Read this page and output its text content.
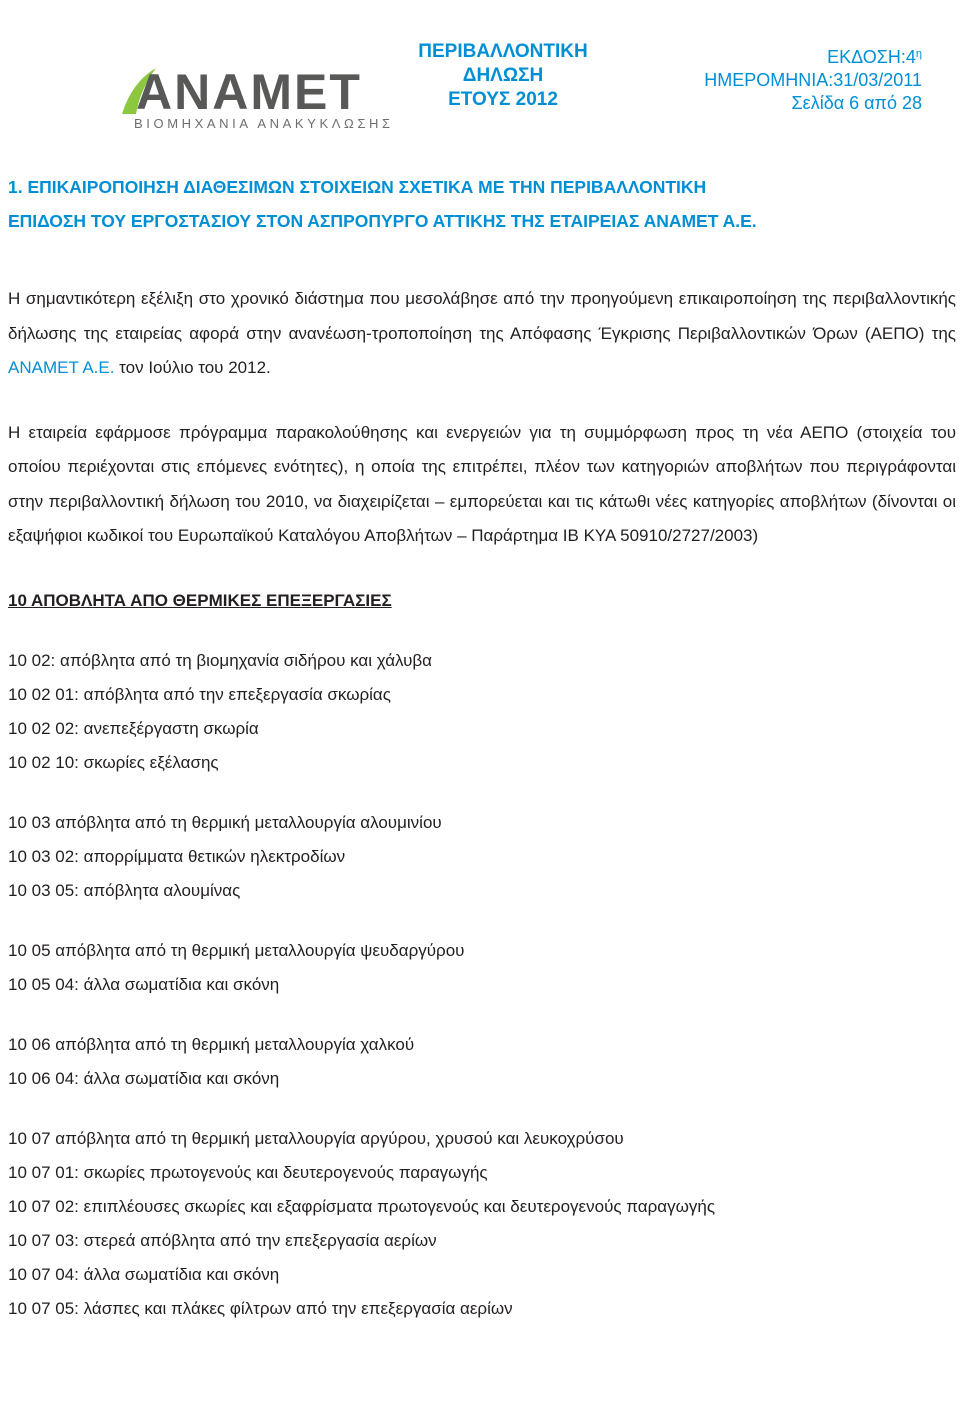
ΑΝΑΜΕΤ
ΒΙΟΜΗΧΑΝΙΑ ΑΝΑΚΥΚΛΩΣΗΣ
ΠΕΡΙΒΑΛΛΟΝΤΙΚΗ
ΔΗΛΩΣΗ
ΕΤΟΥΣ 2012
$EK\Delta O\Sigma H:4^\eta$
ΗΜΕΡΟΜΗΝΙΑ:31/03/2011
Σελίδα 6 από 28

1. ΕΠΙΚΑΙΡΟΠΟΙΗΣΗ ΔΙΑΘΕΣΙΜΩΝ ΣΤΟΙΧΕΙΩΝ ΣΧΕΤΙΚΑ ΜΕ ΤΗΝ ΠΕΡΙΒΑΛΛΟΝΤΙΚΗ
ΕΠΙΔΟΣΗ ΤΟΥ ΕΡΓΟΣΤΑΣΙΟΥ ΣΤΟΝ ΑΣΠΡΟΠΥΡΓΟ ΑΤΤΙΚΗΣ ΤΗΣ ΕΤΑΙΡΕΙΑΣ ΑΝΑΜΕΤ Α.Ε.

Η σημαντικότερη εξέλιξη στο χρονικό διάστημα που μεσολάβησε από την προηγούμενη επικαιροποίηση της περιβαλλοντικής δήλωσης της εταιρείας αφορά στην ανανέωση-τροποποίηση της Απόφασης Έγκρισης Περιβαλλοντικών Όρων (ΑΕΠΟ) της ΑΝΑΜΕΤ Α.Ε. τον Ιούλιο του 2012.

Η εταιρεία εφάρμοσε πρόγραμμα παρακολούθησης και ενεργειών για τη συμμόρφωση προς τη νέα ΑΕΠΟ (στοιχεία του οποίου περιέχονται στις επόμενες ενότητες), η οποία της επιτρέπει, πλέον των κατηγοριών αποβλήτων που περιγράφονται στην περιβαλλοντική δήλωση του 2010, να διαχειρίζεται – εμπορεύεται και τις κάτωθι νέες κατηγορίες αποβλήτων (δίνονται οι εξαψήφιοι κωδικοί του Ευρωπαϊκού Καταλόγου Αποβλήτων – Παράρτημα ΙΒ ΚΥΑ 50910/2727/2003)

10 ΑΠΟΒΛΗΤΑ ΑΠΟ ΘΕΡΜΙΚΕΣ ΕΠΕΞΕΡΓΑΣΙΕΣ

10 02: απόβλητα από τη βιομηχανία σιδήρου και χάλυβα

10 02 01: απόβλητα από την επεξεργασία σκωρίας

10 02 02: ανεπεξέργαστη σκωρία

10 02 10: σκωρίες εξέλασης

10 03 απόβλητα από τη θερμική μεταλλουργία αλουμινίου

10 03 02: απορρίμματα θετικών ηλεκτροδίων

10 03 05: απόβλητα αλουμίνας

10 05 απόβλητα από τη θερμική μεταλλουργία ψευδαργύρου

10 05 04: άλλα σωματίδια και σκόνη

10 06 απόβλητα από τη θερμική μεταλλουργία χαλκού

10 06 04: άλλα σωματίδια και σκόνη

10 07 απόβλητα από τη θερμική μεταλλουργία αργύρου, χρυσού και λευκοχρύσου

10 07 01: σκωρίες πρωτογενούς και δευτερογενούς παραγωγής

10 07 02: επιπλέουσες σκωρίες και εξαφρίσματα πρωτογενούς και δευτερογενούς παραγωγής

10 07 03: στερεά απόβλητα από την επεξεργασία αερίων

10 07 04: άλλα σωματίδια και σκόνη

10 07 05: λάσπες και πλάκες φίλτρων από την επεξεργασία αερίων
